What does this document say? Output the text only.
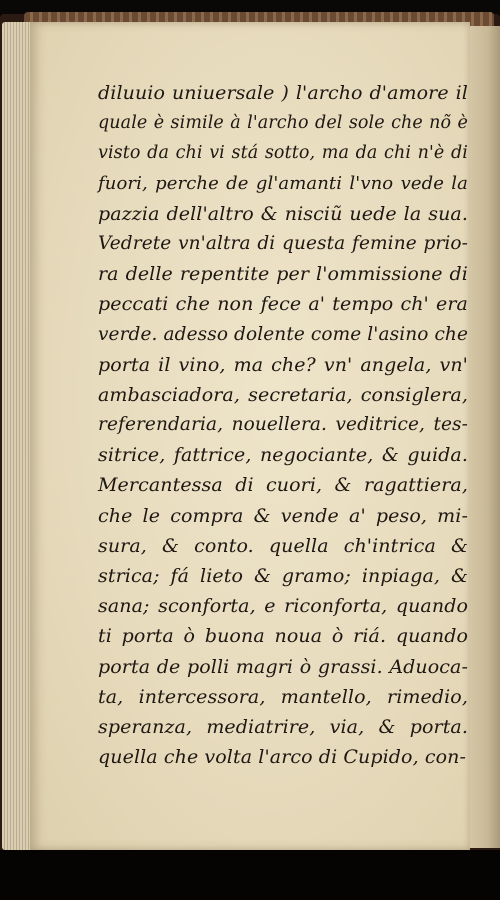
diluuio uniuersale ) l'archo d'amore il
quale è simile à l'archo del sole che nõ è
visto da chi vi stá sotto, ma da chi n'è di
fuori, perche de gl'amanti l'vno vede la
pazzia dell'altro & nisciũ uede la sua.
Vedrete vn'altra di questa femine prio-
ra delle repentite per l'ommissione di
peccati che non fece a' tempo ch' era
verde. adesso dolente come l'asino che
porta il vino, ma che? vn' angela, vn'
ambasciadora, secretaria, consiglera,
referendaria, nouellera. veditrice, tes-
sitrice, fattrice, negociante, & guida.
Mercantessa di cuori, & ragattiera,
che le compra & vende a' peso, mi-
sura, & conto. quella ch'intrica &
strica; fá lieto & gramo; inpiaga, &
sana; sconforta, e riconforta, quando
ti porta ò buona noua ò riá. quando
porta de polli magri ò grassi. Aduoca-
ta, intercessora, mantello, rimedio,
speranza, mediatrire, via, & porta.
quella che volta l'arco di Cupido, con-
